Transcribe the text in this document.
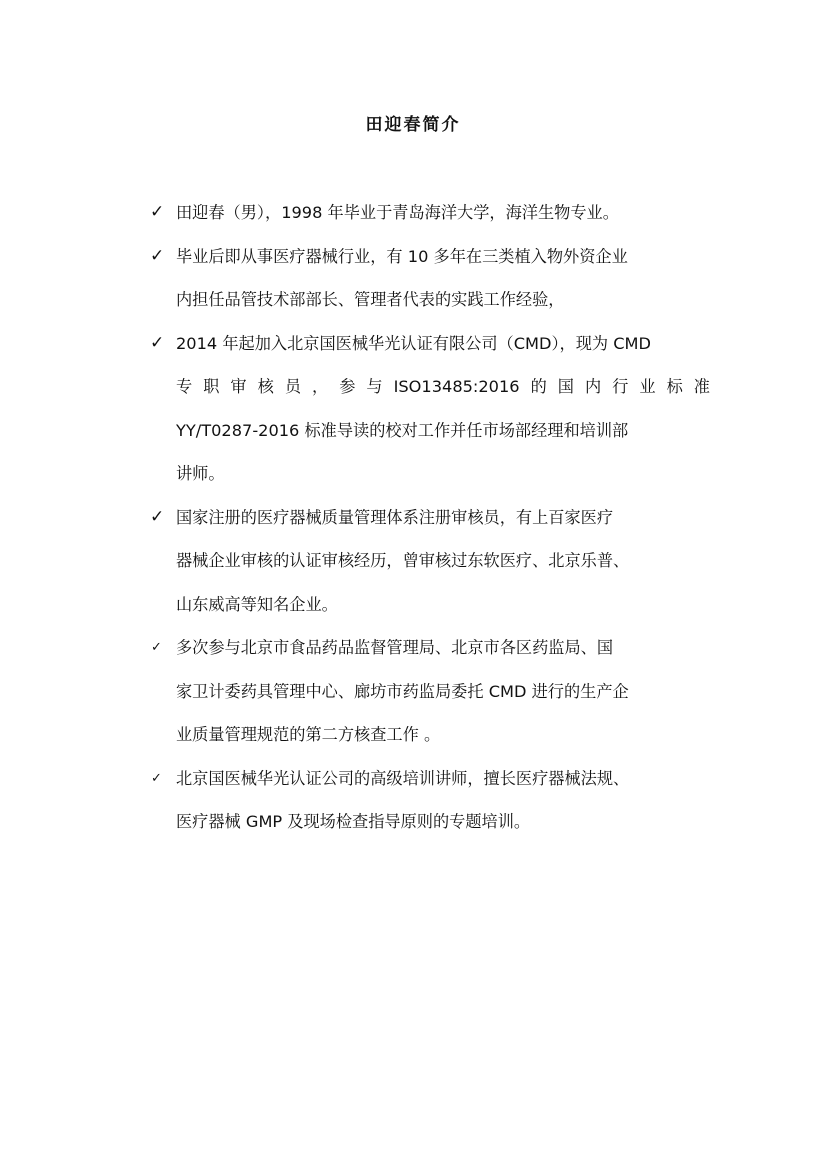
田迎春简介
✓ 田迎春（男），1998 年毕业于青岛海洋大学，海洋生物专业。
✓ 毕业后即从事医疗器械行业，有 10 多年在三类植入物外资企业
内担任品管技术部部长、管理者代表的实践工作经验，
✓ 2014 年起加入北京国医械华光认证有限公司（CMD），现为 CMD
专 职 审 核 员 ， 参 与 ISO13485:2016 的 国 内 行 业 标 准
YY/T0287-2016 标准导读的校对工作并任市场部经理和培训部
讲师。
✓ 国家注册的医疗器械质量管理体系注册审核员，有上百家医疗
器械企业审核的认证审核经历，曾审核过东软医疗、北京乐普、
山东威高等知名企业。
✓ 多次参与北京市食品药品监督管理局、北京市各区药监局、国
家卫计委药具管理中心、廊坊市药监局委托 CMD 进行的生产企
业质量管理规范的第二方核查工作 。
✓ 北京国医械华光认证公司的高级培训讲师，擅长医疗器械法规、
医疗器械 GMP 及现场检查指导原则的专题培训。
